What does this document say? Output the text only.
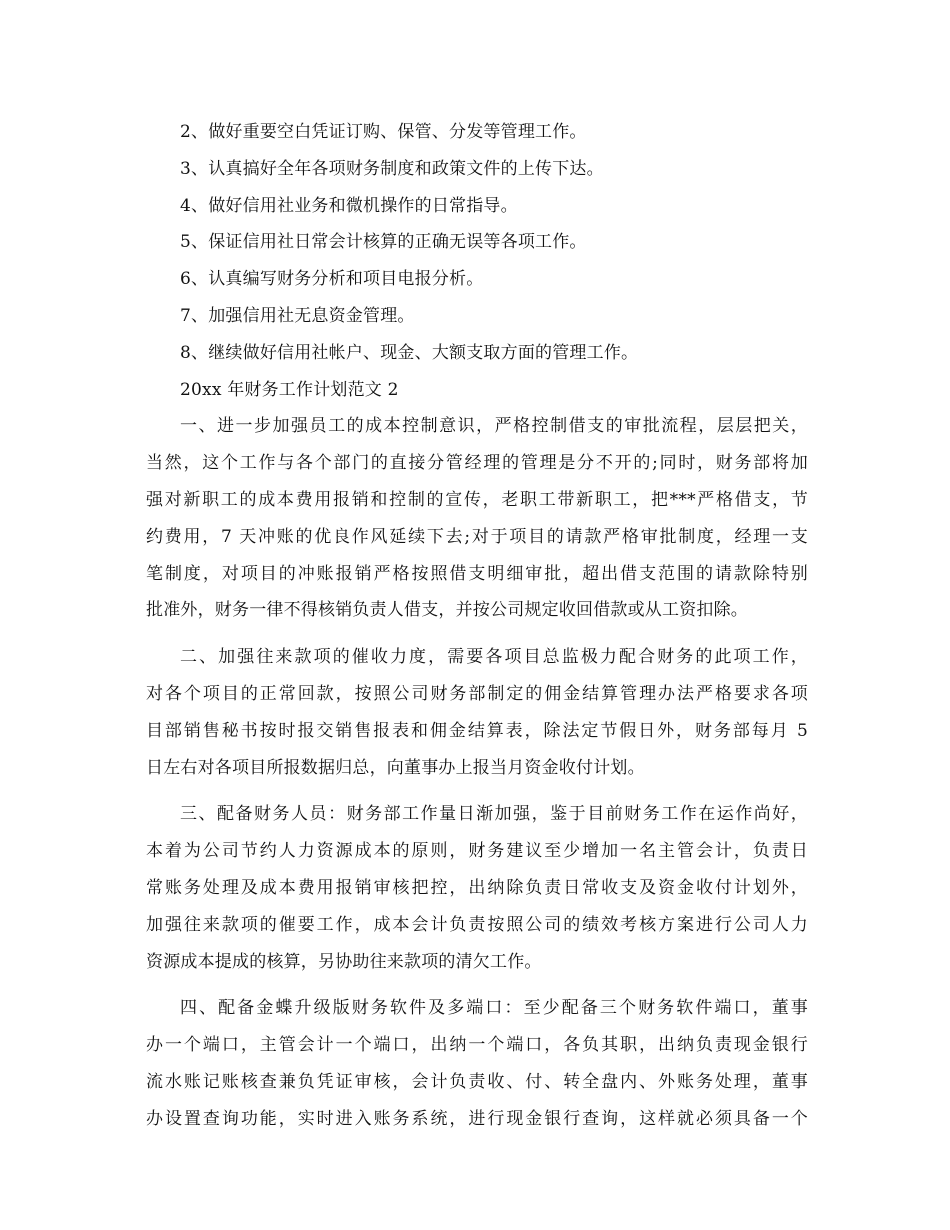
2、做好重要空白凭证订购、保管、分发等管理工作。
3、认真搞好全年各项财务制度和政策文件的上传下达。
4、做好信用社业务和微机操作的日常指导。
5、保证信用社日常会计核算的正确无误等各项工作。
6、认真编写财务分析和项目电报分析。
7、加强信用社无息资金管理。
8、继续做好信用社帐户、现金、大额支取方面的管理工作。
20xx 年财务工作计划范文 2
一、进一步加强员工的成本控制意识，严格控制借支的审批流程，层层把关，
当然，这个工作与各个部门的直接分管经理的管理是分不开的;同时，财务部将加
强对新职工的成本费用报销和控制的宣传，老职工带新职工，把***严格借支，节
约费用，7 天冲账的优良作风延续下去;对于项目的请款严格审批制度，经理一支
笔制度，对项目的冲账报销严格按照借支明细审批，超出借支范围的请款除特别
批准外，财务一律不得核销负责人借支，并按公司规定收回借款或从工资扣除。
二、加强往来款项的催收力度，需要各项目总监极力配合财务的此项工作，
对各个项目的正常回款，按照公司财务部制定的佣金结算管理办法严格要求各项
目部销售秘书按时报交销售报表和佣金结算表，除法定节假日外，财务部每月 5
日左右对各项目所报数据归总，向董事办上报当月资金收付计划。
三、配备财务人员：财务部工作量日渐加强，鉴于目前财务工作在运作尚好，
本着为公司节约人力资源成本的原则，财务建议至少增加一名主管会计，负责日
常账务处理及成本费用报销审核把控，出纳除负责日常收支及资金收付计划外，
加强往来款项的催要工作，成本会计负责按照公司的绩效考核方案进行公司人力
资源成本提成的核算，另协助往来款项的清欠工作。
四、配备金蝶升级版财务软件及多端口：至少配备三个财务软件端口，董事
办一个端口，主管会计一个端口，出纳一个端口，各负其职，出纳负责现金银行
流水账记账核查兼负凭证审核，会计负责收、付、转全盘内、外账务处理，董事
办设置查询功能，实时进入账务系统，进行现金银行查询，这样就必须具备一个
